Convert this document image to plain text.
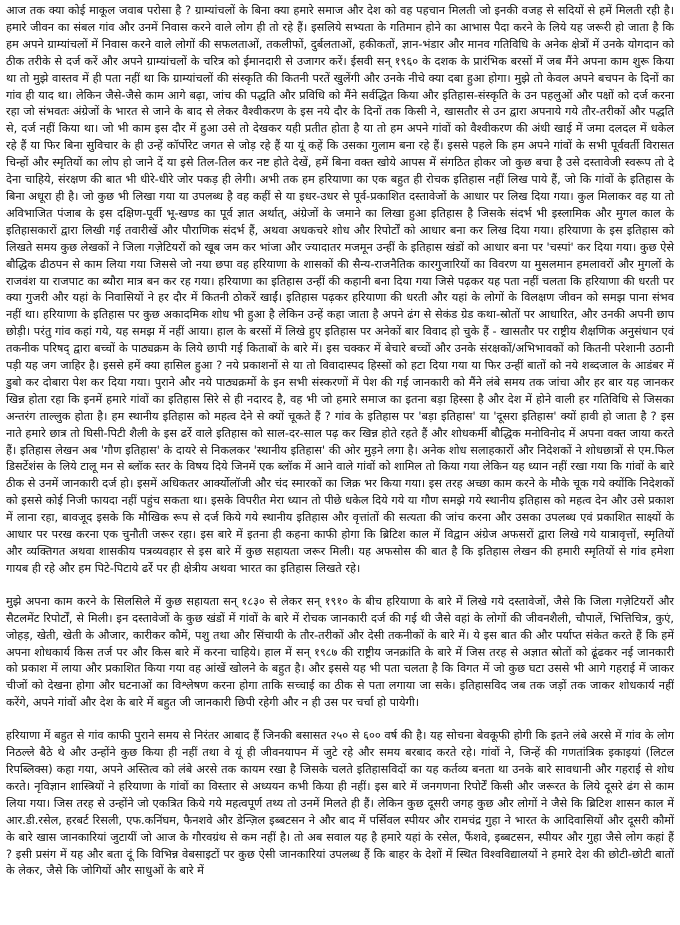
आज तक क्या कोई माकूल जवाब परोसा है ? ग्राम्यांचलों के बिना क्या हमारे समाज और देश को वह पहचान मिलती जो इनकी वजह से सदियों से हमें मिलती रही है। हमारे जीवन का संबल गांव और उनमें निवास करने वाले लोग ही तो रहे हैं। इसलिये सभ्यता के गतिमान होने का आभास पैदा करने के लिये यह जरूरी हो जाता है कि हम अपने ग्राम्यांचलों में निवास करने वाले लोगों की सफलताओं, तकलीफों, दुर्बलताओं, हकीकतों, ज्ञान-भंडार और मानव गतिविधि के अनेक क्षेत्रों में उनके योगदान को ठीक तरीके से दर्ज करें और अपने ग्राम्यांचलों के चरित्र को ईमानदारी से उजागर करें। ईसवी सन् १९६० के दशक के प्रारंभिक बरसों में जब मैंने अपना काम शुरू किया था तो मुझे वास्तव में ही पता नहीं था कि ग्राम्यांचलों की संस्कृति की कितनी परतें खुलेंगी और उनके नीचे क्या दबा हुआ होगा। मुझे तो केवल अपने बचपन के दिनों का गांव ही याद था। लेकिन जैसे-जैसे काम आगे बढ़ा, जांच की पद्धति और प्रविधि को मैंने सर्वद्धित किया और इतिहास-संस्कृति के उन पहलुओं और पक्षों को दर्ज करना रहा जो संभवतः अंग्रेजों के भारत से जाने के बाद से लेकर वैश्वीकरण के इस नये दौर के दिनों तक किसी ने, खासतौर से उन द्वारा अपनाये गये तौर-तरीकों और पद्धति से, दर्ज नहीं किया था। जो भी काम इस दौर में हुआ उसे तो देखकर यही प्रतीत होता है या तो हम अपने गांवों को वैश्वीकरण की अंधी खाई में जमा दलदल में धकेल रहे हैं या फिर बिना सुविचार के ही उन्हें कॉर्पोरेट जगत से जोड़ रहे हैं या यूं कहें कि उसका गुलाम बना रहे हैं। इससे पहले कि हम अपने गांवों के सभी पूर्ववर्ती विरासत चिन्हों और स्मृतियों का लोप हो जाने दें या इसे तिल-तिल कर नष्ट होते देखें, हमें बिना वक्त खोये आपस में संगठित होकर जो कुछ बचा है उसे दस्तावेजी स्वरूप तो दे देना चाहिये, संरक्षण की बात भी धीरे-धीरे जोर पकड़ ही लेगी। अभी तक हम हरियाणा का एक बहुत ही रोचक इतिहास नहीं लिख पाये हैं, जो कि गांवों के इतिहास के बिना अधूरा ही है। जो कुछ भी लिखा गया या उपलब्ध है वह कहीं से या इधर-उधर से पूर्व-प्रकाशित दस्तावेजों के आधार पर लिख दिया गया। कुल मिलाकर वह या तो अविभाजित पंजाब के इस दक्षिण-पूर्वी भू-खण्ड का पूर्व ज्ञात अर्थात्, अंग्रेजों के जमाने का लिखा हुआ इतिहास है जिसके संदर्भ भी इस्लामिक और मुगल काल के इतिहासकारों द्वारा लिखी गई तवारीखें और पौराणिक संदर्भ हैं, अथवा अधकचरे शोध और रिपोर्टों को आधार बना कर लिख दिया गया। हरियाणा के इस इतिहास को लिखते समय कुछ लेखकों ने जिला गज़ेटियरों को खूब जम कर भांजा और ज्यादातर मजमून उन्हीं के इतिहास खंडों को आधार बना पर 'चस्पां' कर दिया गया। कुछ ऐसे बौद्धिक ढीठपन से काम लिया गया जिससे जो नया छपा वह हरियाणा के शासकों की सैन्य-राजनैतिक कारगुजारियों का विवरण या मुसलमान हमलावरों और मुगलों के राजवंश या राजपाट का ब्यौरा मात्र बन कर रह गया। हरियाणा का इतिहास उन्हीं की कहानी बना दिया गया जिसे पढ़कर यह पता नहीं चलता कि हरियाणा की धरती पर क्या गुजरी और यहां के निवासियों ने हर दौर में कितनी ठोकरें खाईं। इतिहास पढ़कर हरियाणा की धरती और यहां के लोगों के विलक्षण जीवन को समझ पाना संभव नहीं था। हरियाणा के इतिहास पर कुछ अकादमिक शोध भी हुआ है लेकिन उन्हें कहा जाता है अपने ढंग से सेकंड ग्रेड कथा-स्रोतों पर आधारित, और उनकी अपनी छाप छोड़ी। परंतु गांव कहां गये, यह समझ में नहीं आया। हाल के बरसों में लिखे हुए इतिहास पर अनेकों बार विवाद हो चुके हैं - खासतौर पर राष्ट्रीय शैक्षणिक अनुसंधान एवं तकनीक परिषद् द्वारा बच्चों के पाठ्यक्रम के लिये छापी गई किताबों के बारे में। इस चक्कर में बेचारे बच्चों और उनके संरक्षकों/अभिभावकों को कितनी परेशानी उठानी पड़ी यह जग जाहिर है। इससे हमें क्या हासिल हुआ ? नये प्रकाशनों से या तो विवादास्पद हिस्सों को हटा दिया गया या फिर उन्हीं बातों को नये शब्दजाल के आडंबर में डुबो कर दोबारा पेश कर दिया गया। पुराने और नये पाठ्यक्रमों के इन सभी संस्करणों में पेश की गई जानकारी को मैंने लंबे समय तक जांचा और हर बार यह जानकर खिन्न होता रहा कि इनमें हमारे गांवों का इतिहास सिरे से ही नदारद है, वह भी जो हमारे समाज का इतना बड़ा हिस्सा है और देश में होने वाली हर गतिविधि से जिसका अन्तरंग ताल्लुक होता है। हम स्थानीय इतिहास को महत्व देने से क्यों चूकते हैं ? गांव के इतिहास पर 'बड़ा इतिहास' या 'दूसरा इतिहास' क्यों हावी हो जाता है ? इस नाते हमारे छात्र तो घिसी-पिटी शैली के इस ढर्रे वाले इतिहास को साल-दर-साल पढ़ कर खिन्न होते रहते हैं और शोधकर्मी बौद्धिक मनोविनोद में अपना वक्त जाया करते हैं। इतिहास लेखन अब 'गौण इतिहास' के दायरे से निकलकर 'स्थानीय इतिहास' की ओर मुड़ने लगा है। अनेक शोध सलाहकारों और निदेशकों ने शोधछात्रों से एम.फिल डिसर्टेशंस के लिये टालू मन से ब्लॉक स्तर के विषय दिये जिनमें एक ब्लॉक में आने वाले गांवों को शामिल तो किया गया लेकिन यह ध्यान नहीं रखा गया कि गांवों के बारे ठीक से उनमें जानकारी दर्ज हो। इसमें अधिकतर आर्क्योलॉजी और चंद स्मारकों का जिक्र भर किया गया। इस तरह अच्छा काम करने के मौके चूक गये क्योंकि निदेशकों को इससे कोई निजी फायदा नहीं पहुंच सकता था। इसके विपरीत मेरा ध्यान तो पीछे धकेल दिये गये या गौण समझे गये स्थानीय इतिहास को महत्व देन और उसे प्रकाश में लाना रहा, बावजूद इसके कि मौखिक रूप से दर्ज किये गये स्थानीय इतिहास और वृत्तांतों की सत्यता की जांच करना और उसका उपलब्ध एवं प्रकाशित साक्ष्यों के आधार पर परख करना एक चुनौती जरूर रहा। इस बारे में इतना ही कहना काफी होगा कि ब्रिटिश काल में विद्वान अंग्रेज अफसरों द्वारा लिखे गये यात्रावृत्तों, स्मृतियों और व्यक्तिगत अथवा शासकीय पत्रव्यवहार से इस बारे में कुछ सहायता जरूर मिली। यह अफसोस की बात है कि इतिहास लेखन की हमारी स्मृतियों से गांव हमेशा गायब ही रहे और हम पिटे-पिटाये ढर्रे पर ही क्षेत्रीय अथवा भारत का इतिहास लिखते रहे।

मुझे अपना काम करने के सिलसिले में कुछ सहायता सन् १८३० से लेकर सन् १९१० के बीच हरियाणा के बारे में लिखे गये दस्तावेजों, जैसे कि जिला गज़ेटियरों और सैटलमेंट रिपोर्टों, से मिली। इन दस्तावेजों के कुछ खंडों में गांवों के बारे में रोचक जानकारी दर्ज की गई थी जैसे वहां के लोगों की जीवनशैली, चौपालें, भित्तिचित्र, कुएं, जोहड़, खेती, खेती के औजार, कारीकर कौमें, पशु तथा और सिंचायी के तौर-तरीकों और देसी तकनीकों के बारे में। ये इस बात की और पर्याप्त संकेत करते हैं कि हमें अपना शोधकार्य किस तर्ज पर और किस बारे में करना चाहिये। हाल में सन् १९८७ की राष्ट्रीय जनक्रांति के बारे में जिस तरह से अज्ञात स्रोतों को ढूंढकर नई जानकारी को प्रकाश में लाया और प्रकाशित किया गया वह आंखें खोलने के बहुत है। और इससे यह भी पता चलता है कि विगत में जो कुछ घटा उससे भी आगे गहराई में जाकर चीजों को देखना होगा और घटनाओं का विश्लेषण करना होगा ताकि सच्चाई का ठीक से पता लगाया जा सके। इतिहासविद जब तक जड़ों तक जाकर शोधकार्य नहीं करेंगे, अपने गांवों और देश के बारे में बहुत जी जानकारी छिपी रहेगी और न ही उस पर चर्चा हो पायेगी।

हरियाणा में बहुत से गांव काफी पुराने समय से निरंतर आबाद हैं जिनकी बसासत २५० से ६०० वर्ष की है। यह सोचना बेवकूफी होगी कि इतने लंबे अरसे में गांव के लोग निठल्ले बैठे थे और उन्होंने कुछ किया ही नहीं तथा वे यूं ही जीवनयापन में जुटे रहे और समय बरबाद करते रहे। गांवों ने, जिन्हें की गणतांत्रिक इकाइयां (लिटल रिपब्लिक्स) कहा गया, अपने अस्तित्व को लंबे अरसे तक कायम रखा है जिसके चलते इतिहासविदों का यह कर्तव्य बनता था उनके बारे सावधानी और गहराई से शोध करते। नृविज्ञान शास्त्रियों ने हरियाणा के गांवों का विस्तार से अध्ययन कभी किया ही नहीं। इस बारे में जनगणना रिपोर्टें किसी और जरूरत के लिये दूसरे ढंग से काम लिया गया। जिस तरह से उन्होंने जो एकत्रित किये गये महत्वपूर्ण तथ्य तो उनमें मिलते ही हैं। लेकिन कुछ दूसरी जगह कुछ और लोगों ने जैसे कि ब्रिटिश शासन काल में आर.डी.रसेल, हरबर्ट रिसली, एफ.कनिंघम, फैनशवे और डेन्ज़िल इब्बटसन ने और बाद में पर्सिवल स्पीयर और रामचंद्र गुहा ने भारत के आदिवासियों और दूसरी कौमों के बारे खास जानकारियां जुटायीं जो आज के गौरवग्रंथ से कम नहीं है। तो अब सवाल यह है हमारे यहां के रसेल, फैंशवे, इब्बटसन, स्पीयर और गुहा जैसे लोग कहां हैं ? इसी प्रसंग में यह और बता दूं कि विभिन्न वेबसाइटों पर कुछ ऐसी जानकारियां उपलब्ध हैं कि बाहर के देशों में स्थित विश्वविद्यालयों ने हमारे देश की छोटी-छोटी बातों के लेकर, जैसे कि जोगियों और साधुओं के बारे में
